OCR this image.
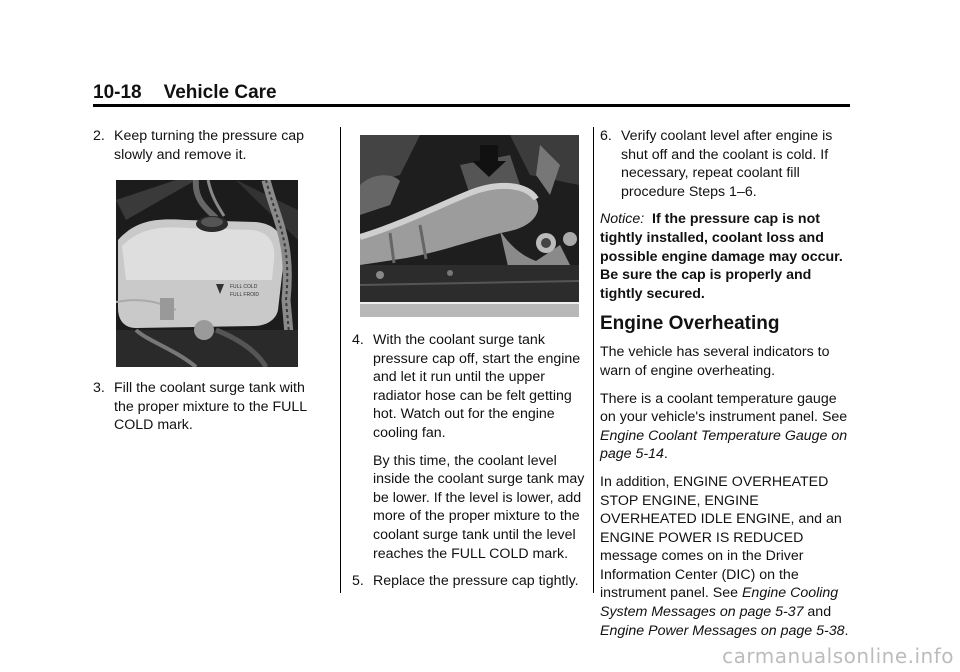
10-18 Vehicle Care
2. Keep turning the pressure cap slowly and remove it.
FULL COLD
FULL FROID
3. Fill the coolant surge tank with the proper mixture to the FULL COLD mark.
4. With the coolant surge tank pressure cap off, start the engine and let it run until the upper radiator hose can be felt getting hot. Watch out for the engine cooling fan.
By this time, the coolant level inside the coolant surge tank may be lower. If the level is lower, add more of the proper mixture to the coolant surge tank until the level reaches the FULL COLD mark.
5. Replace the pressure cap tightly.
6. Verify coolant level after engine is shut off and the coolant is cold. If necessary, repeat coolant fill procedure Steps 1–6.
Notice: If the pressure cap is not tightly installed, coolant loss and possible engine damage may occur. Be sure the cap is properly and tightly secured.
Engine Overheating
The vehicle has several indicators to warn of engine overheating.
There is a coolant temperature gauge on your vehicle's instrument panel. See Engine Coolant Temperature Gauge on page 5-14.
In addition, ENGINE OVERHEATED STOP ENGINE, ENGINE OVERHEATED IDLE ENGINE, and an ENGINE POWER IS REDUCED message comes on in the Driver Information Center (DIC) on the instrument panel. See Engine Cooling System Messages on page 5-37 and Engine Power Messages on page 5-38.
carmanualsonline.info
